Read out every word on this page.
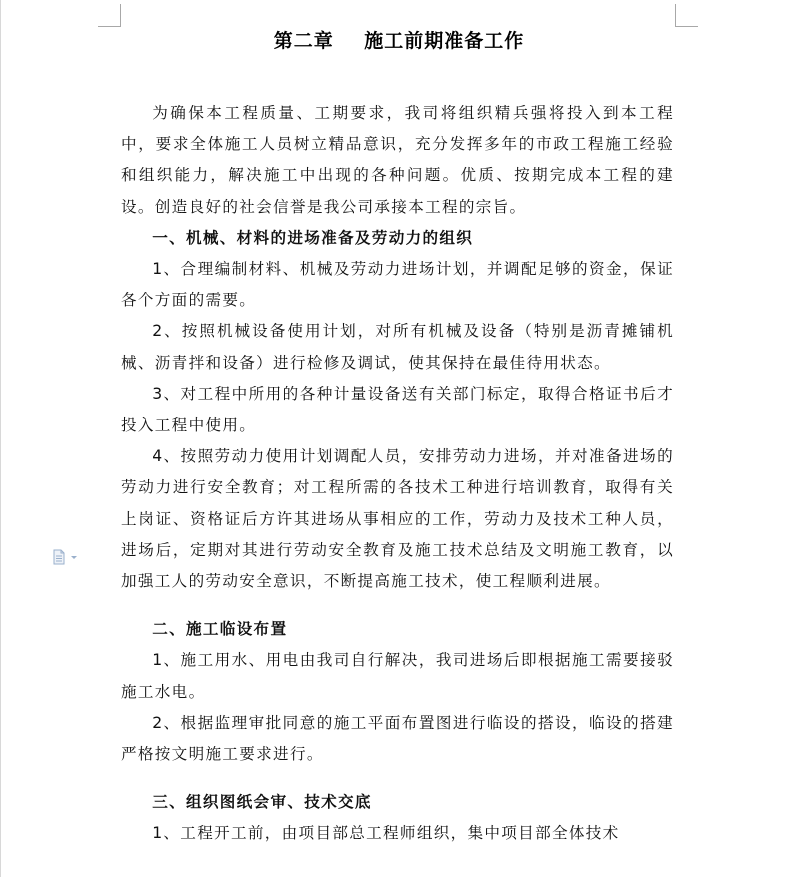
第二章    施工前期准备工作

为确保本工程质量、工期要求，我司将组织精兵强将投入到本工程中，要求全体施工人员树立精品意识，充分发挥多年的市政工程施工经验和组织能力，解决施工中出现的各种问题。优质、按期完成本工程的建设。创造良好的社会信誉是我公司承接本工程的宗旨。

一、机械、材料的进场准备及劳动力的组织

1、合理编制材料、机械及劳动力进场计划，并调配足够的资金，保证各个方面的需要。

2、按照机械设备使用计划，对所有机械及设备（特别是沥青摊铺机械、沥青拌和设备）进行检修及调试，使其保持在最佳待用状态。

3、对工程中所用的各种计量设备送有关部门标定，取得合格证书后才投入工程中使用。

4、按照劳动力使用计划调配人员，安排劳动力进场，并对准备进场的劳动力进行安全教育；对工程所需的各技术工种进行培训教育，取得有关上岗证、资格证后方许其进场从事相应的工作，劳动力及技术工种人员，进场后，定期对其进行劳动安全教育及施工技术总结及文明施工教育，以加强工人的劳动安全意识，不断提高施工技术，使工程顺利进展。

二、施工临设布置

1、施工用水、用电由我司自行解决，我司进场后即根据施工需要接驳施工水电。

2、根据监理审批同意的施工平面布置图进行临设的搭设，临设的搭建严格按文明施工要求进行。

三、组织图纸会审、技术交底

1、工程开工前，由项目部总工程师组织，集中项目部全体技术
